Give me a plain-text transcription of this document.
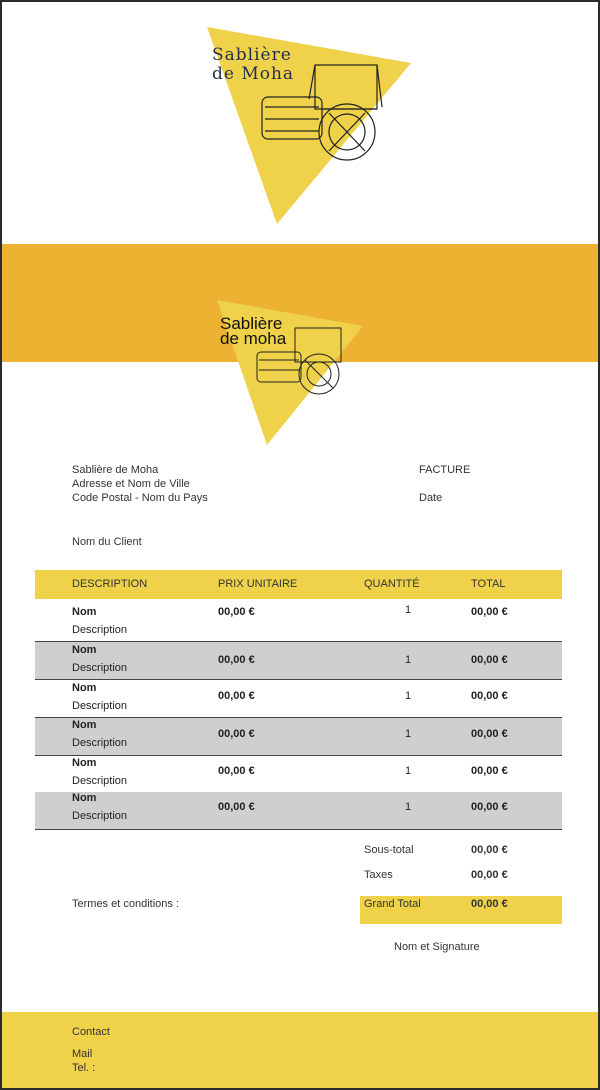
Sablière
de Moha
Sablière
de moha
Sablière de Moha
Adresse et Nom de Ville
Code Postal - Nom du Pays
FACTURE
Date
Nom du Client
DESCRIPTION	PRIX UNITAIRE	QUANTITÉ	TOTAL
Nom
Description
00,00 €	1	00,00 €
Nom
Description
00,00 €	1	00,00 €
Nom
Description
00,00 €	1	00,00 €
Nom
Description
00,00 €	1	00,00 €
Nom
Description
00,00 €	1	00,00 €
Nom
Description
00,00 €	1	00,00 €
Sous-total	00,00 €
Taxes	00,00 €
Grand Total	00,00 €
Termes et conditions :
Nom et Signature
Contact
Mail
Tel. :
